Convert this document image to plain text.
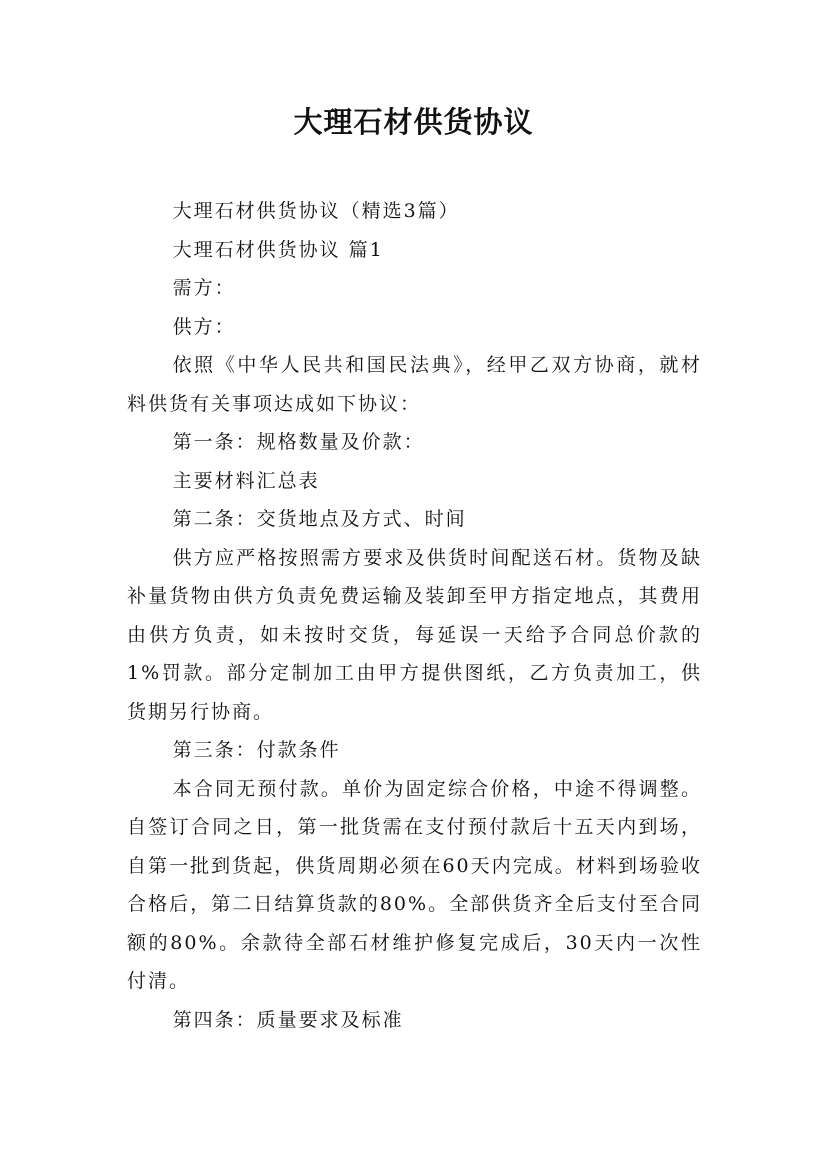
大理石材供货协议

大理石材供货协议（精选3篇）

大理石材供货协议 篇1

需方：

供方：

依照《中华人民共和国民法典》，经甲乙双方协商，就材料供货有关事项达成如下协议：

第一条：规格数量及价款：

主要材料汇总表

第二条：交货地点及方式、时间

供方应严格按照需方要求及供货时间配送石材。货物及缺补量货物由供方负责免费运输及装卸至甲方指定地点，其费用由供方负责，如未按时交货，每延误一天给予合同总价款的1%罚款。部分定制加工由甲方提供图纸，乙方负责加工，供货期另行协商。

第三条：付款条件

本合同无预付款。单价为固定综合价格，中途不得调整。自签订合同之日，第一批货需在支付预付款后十五天内到场，自第一批到货起，供货周期必须在60天内完成。材料到场验收合格后，第二日结算货款的80%。全部供货齐全后支付至合同额的80%。余款待全部石材维护修复完成后，30天内一次性付清。

第四条：质量要求及标准
